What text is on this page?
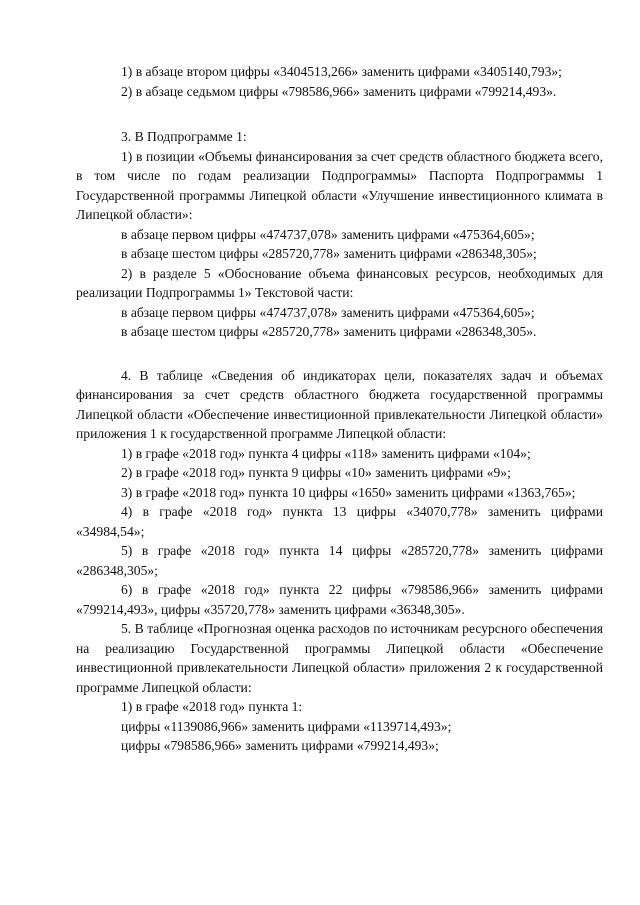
1) в абзаце втором цифры «3404513,266» заменить цифрами «3405140,793»;

2) в абзаце седьмом цифры «798586,966» заменить цифрами «799214,493».

3. В Подпрограмме 1:

1) в позиции «Объемы финансирования за счет средств областного бюджета всего, в том числе по годам реализации Подпрограммы» Паспорта Подпрограммы 1 Государственной программы Липецкой области «Улучшение инвестиционного климата в Липецкой области»:

в абзаце первом цифры «474737,078» заменить цифрами «475364,605»;

в абзаце шестом цифры «285720,778» заменить цифрами «286348,305»;

2) в разделе 5 «Обоснование объема финансовых ресурсов, необходимых для реализации Подпрограммы 1» Текстовой части:

в абзаце первом цифры «474737,078» заменить цифрами «475364,605»;

в абзаце шестом цифры «285720,778» заменить цифрами «286348,305».

4. В таблице «Сведения об индикаторах цели, показателях задач и объемах финансирования за счет средств областного бюджета государственной программы Липецкой области «Обеспечение инвестиционной привлекательности Липецкой области» приложения 1 к государственной программе Липецкой области:

1) в графе «2018 год» пункта 4 цифры «118» заменить цифрами «104»;

2) в графе «2018 год» пункта 9 цифры «10» заменить цифрами «9»;

3) в графе «2018 год» пункта 10 цифры «1650» заменить цифрами «1363,765»;

4) в графе «2018 год» пункта 13 цифры «34070,778» заменить цифрами «34984,54»;

5) в графе «2018 год» пункта 14 цифры «285720,778» заменить цифрами «286348,305»;

6) в графе «2018 год» пункта 22 цифры «798586,966» заменить цифрами «799214,493», цифры «35720,778» заменить цифрами «36348,305».

5. В таблице «Прогнозная оценка расходов по источникам ресурсного обеспечения на реализацию Государственной программы Липецкой области «Обеспечение инвестиционной привлекательности Липецкой области» приложения 2 к государственной программе Липецкой области:

1) в графе «2018 год» пункта 1:

цифры «1139086,966» заменить цифрами «1139714,493»;

цифры «798586,966» заменить цифрами «799214,493»;
